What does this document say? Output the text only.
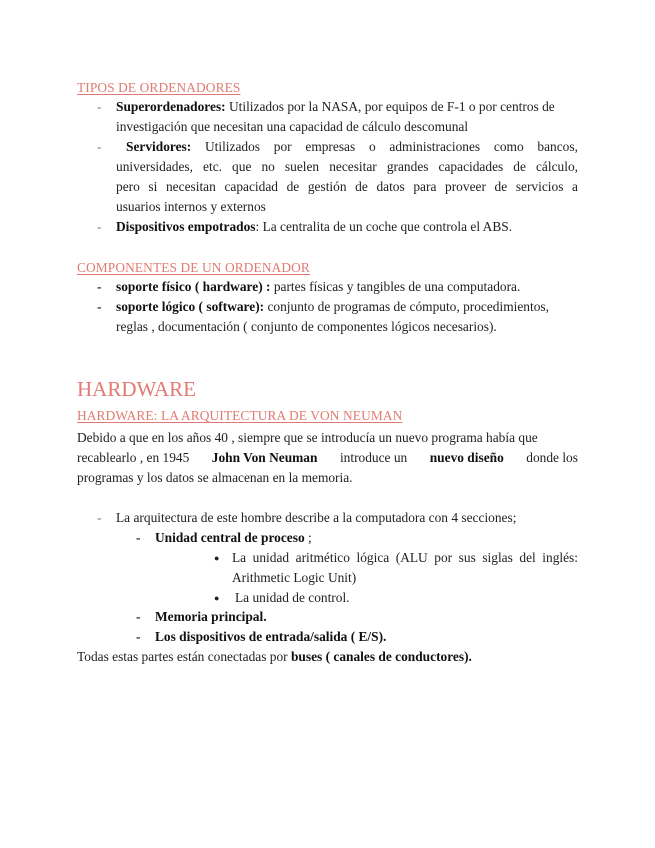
TIPOS DE ORDENADORES
- Superordenadores: Utilizados por la NASA, por equipos de F-1 o por centros de
investigación que necesitan una capacidad de cálculo descomunal
-	Servidores: Utilizados por empresas o administraciones como bancos,
universidades, etc. que no suelen necesitar grandes capacidades de cálculo,
pero si necesitan capacidad de gestión de datos para proveer de servicios a
usuarios internos y externos
- Dispositivos empotrados: La centralita de un coche que controla el ABS.
COMPONENTES DE UN ORDENADOR
- soporte físico ( hardware) : partes físicas y tangibles de una computadora.
- soporte lógico ( software): conjunto de programas de cómputo, procedimientos,
reglas , documentación ( conjunto de componentes lógicos necesarios).
HARDWARE
HARDWARE: LA ARQUITECTURA DE VON NEUMAN
Debido a que en los años 40 , siempre que se introducía un nuevo programa había que
recablearlo , en 1945 John Von Neuman introduce un nuevo diseño donde los
programas y los datos se almacenan en la memoria.
- La arquitectura de este hombre describe a la computadora con 4 secciones;
- Unidad central de proceso ;
● La unidad aritmético lógica (ALU por sus siglas del inglés:
Arithmetic Logic Unit)
● La unidad de control.
- Memoria principal.
- Los dispositivos de entrada/salida ( E/S).
Todas estas partes están conectadas por buses ( canales de conductores).
